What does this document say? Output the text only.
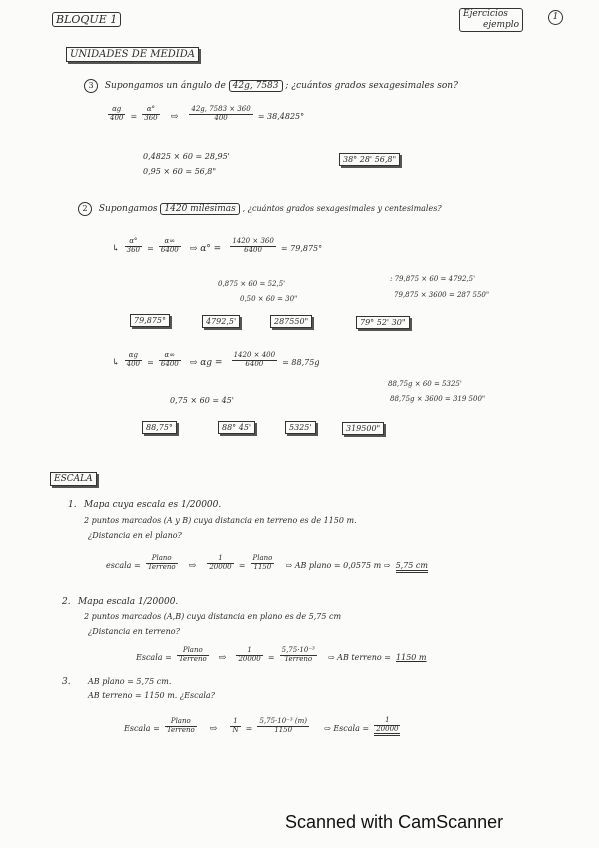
BLOQUE 1	Ejercicios
ejemplo
1
UNIDADES DE MEDIDA
3 Supongamos un ángulo de 42g, 7583 ; ¿cuántos grados sexagesimales son?
$\frac{\alpha g}{400} = \frac{\alpha^\circ}{360}$ ⇨ $\frac{42g, 7583 \times 360}{400} = 38,4825^\circ$
0,4825 × 60 = 28,95'
0,95 × 60 = 56,8"
38° 28' 56,8"
2 Supongamos 1420 milésimas , ¿cuántos grados sexagesimales y centesimales?
↳ $\frac{\alpha^\circ}{360} = \frac{\alpha\infty}{6400}$ ⇨ $\alpha^\circ = \frac{1420 \times 360}{6400} = 79,875^\circ$
0,875 × 60 = 52,5'
0,50 × 60 = 30"
: 79,875 × 60 = 4792,5'
79,875 × 3600 = 287 550"
79,875°	4792,5'	287550"	79° 52' 30"
↳ $\frac{\alpha g}{400} = \frac{\alpha\infty}{6400}$ ⇨ $\alpha g = \frac{1420 \times 400}{6400} = 88,75g$
0,75 × 60 = 45'
88,75g × 60 = 5325'
88,75g × 3600 = 319 500"
88,75°	88° 45'	5325'	319500"
ESCALA
1. Mapa cuya escala es 1/20000.
2 puntos marcados (A y B) cuya distancia en terreno es de 1150 m.
¿Distancia en el plano?
escala = $\frac{\text{Plano}}{\text{Terreno}}$ ⇨ $\frac{1}{20000} = \frac{\text{Plano}}{1150}$ ⇨ AB plano = 0,0575 m ⇨ 5,75 cm
2. Mapa escala 1/20000.
2 puntos marcados (A,B) cuya distancia en plano es de 5,75 cm
¿Distancia en terreno?
Escala = $\frac{\text{Plano}}{\text{Terreno}}$ ⇨ $\frac{1}{20000} = \frac{\text{5,75·10⁻³}}{\text{Terreno}}$ ⇨ AB terreno = 1150 m
3. AB plano = 5,75 cm.
AB terreno = 1150 m. ¿Escala?
Escala = $\frac{\text{Plano}}{\text{Terreno}}$ ⇨ $\frac{1}{N} = \frac{\text{5,75·10⁻³ (m)}}{1150}$ ⇨ Escala = $\frac{1}{20000}$
Scanned with CamScanner
